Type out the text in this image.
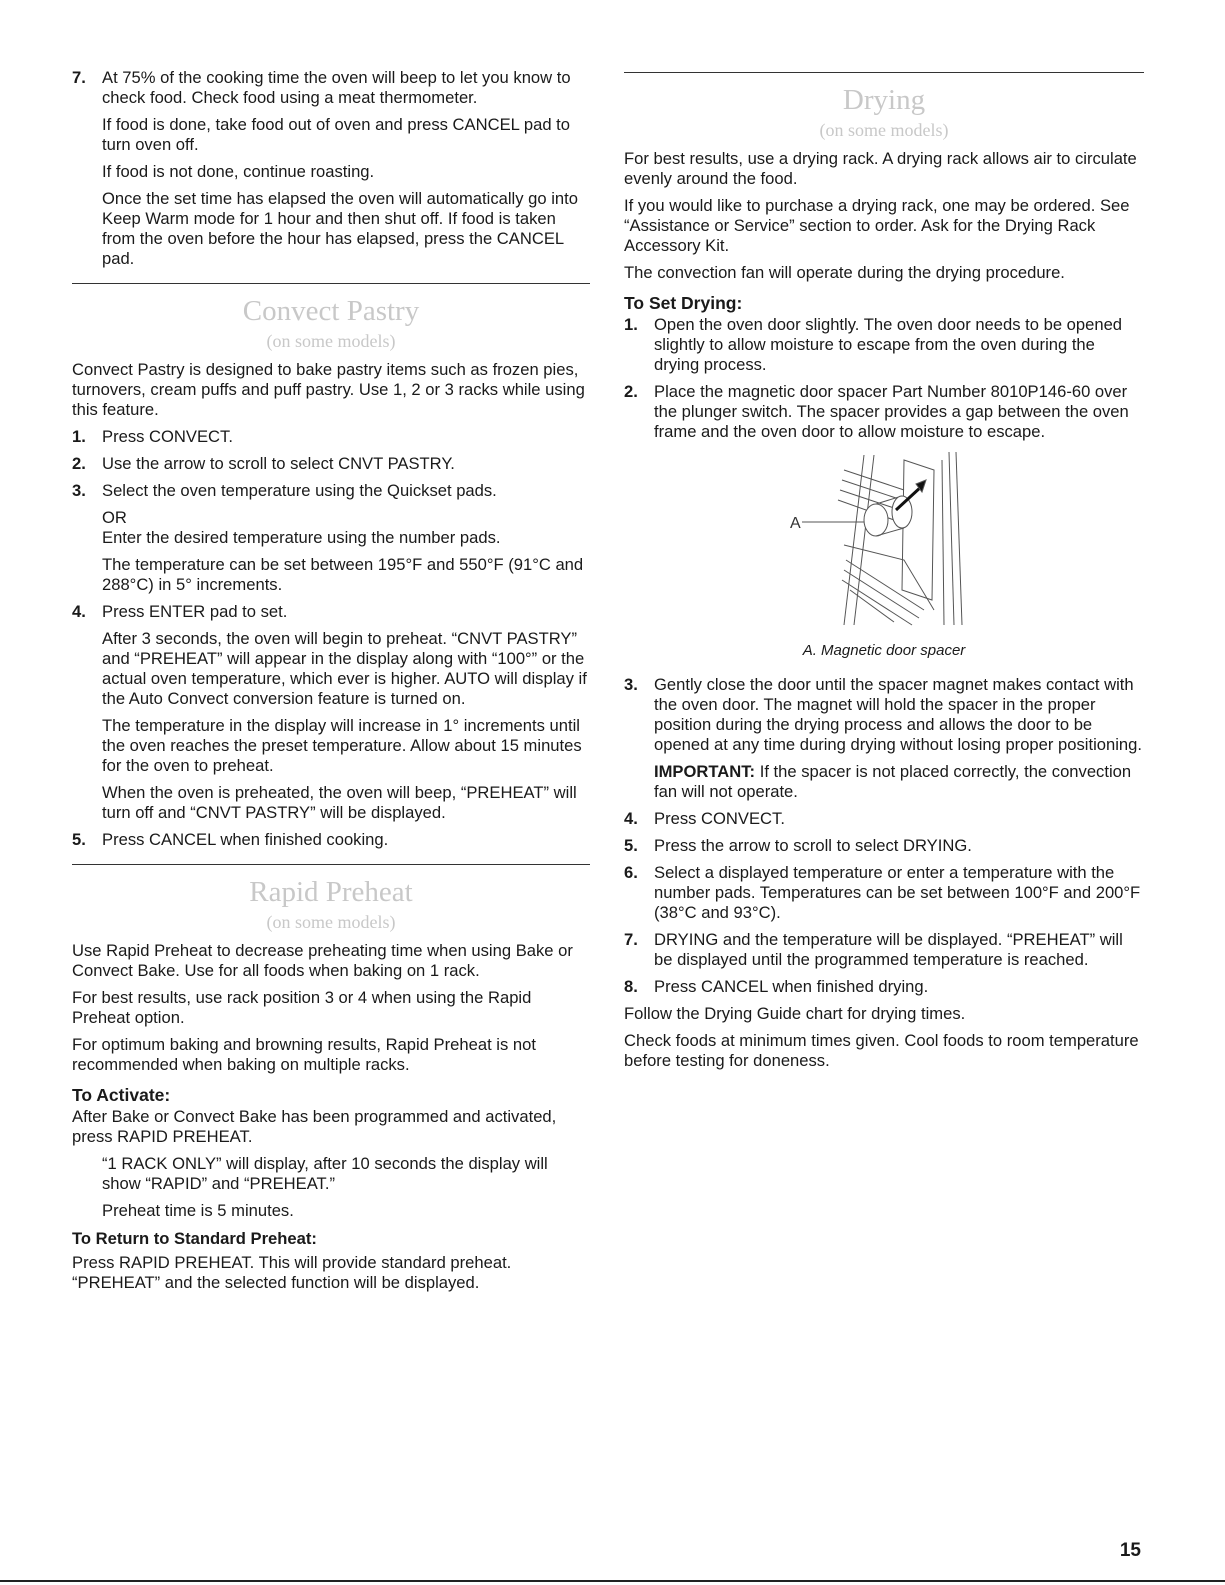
7. At 75% of the cooking time the oven will beep to let you know to check food. Check food using a meat thermometer.

If food is done, take food out of oven and press CANCEL pad to turn oven off.

If food is not done, continue roasting.

Once the set time has elapsed the oven will automatically go into Keep Warm mode for 1 hour and then shut off. If food is taken from the oven before the hour has elapsed, press the CANCEL pad.

Convect Pastry
(on some models)

Convect Pastry is designed to bake pastry items such as frozen pies, turnovers, cream puffs and puff pastry. Use 1, 2 or 3 racks while using this feature.

1. Press CONVECT.

2. Use the arrow to scroll to select CNVT PASTRY.

3. Select the oven temperature using the Quickset pads.

OR

Enter the desired temperature using the number pads.

The temperature can be set between 195°F and 550°F (91°C and 288°C) in 5° increments.

4. Press ENTER pad to set.

After 3 seconds, the oven will begin to preheat. “CNVT PASTRY” and “PREHEAT” will appear in the display along with “100°” or the actual oven temperature, which ever is higher. AUTO will display if the Auto Convect conversion feature is turned on.

The temperature in the display will increase in 1° increments until the oven reaches the preset temperature. Allow about 15 minutes for the oven to preheat.

When the oven is preheated, the oven will beep, “PREHEAT” will turn off and “CNVT PASTRY” will be displayed.

5. Press CANCEL when finished cooking.

Rapid Preheat
(on some models)

Use Rapid Preheat to decrease preheating time when using Bake or Convect Bake. Use for all foods when baking on 1 rack.

For best results, use rack position 3 or 4 when using the Rapid Preheat option.

For optimum baking and browning results, Rapid Preheat is not recommended when baking on multiple racks.

To Activate:

After Bake or Convect Bake has been programmed and activated, press RAPID PREHEAT.

“1 RACK ONLY” will display, after 10 seconds the display will show “RAPID” and “PREHEAT.”

Preheat time is 5 minutes.

To Return to Standard Preheat:

Press RAPID PREHEAT. This will provide standard preheat. “PREHEAT” and the selected function will be displayed.

Drying
(on some models)

For best results, use a drying rack. A drying rack allows air to circulate evenly around the food.

If you would like to purchase a drying rack, one may be ordered. See “Assistance or Service” section to order. Ask for the Drying Rack Accessory Kit.

The convection fan will operate during the drying procedure.

To Set Drying:
1. Open the oven door slightly. The oven door needs to be opened slightly to allow moisture to escape from the oven during the drying process.

2. Place the magnetic door spacer Part Number 8010P146-60 over the plunger switch. The spacer provides a gap between the oven frame and the oven door to allow moisture to escape.

A
A. Magnetic door spacer
3. Gently close the door until the spacer magnet makes contact with the oven door. The magnet will hold the spacer in the proper position during the drying process and allows the door to be opened at any time during drying without losing proper positioning.

IMPORTANT: If the spacer is not placed correctly, the convection fan will not operate.

4. Press CONVECT.

5. Press the arrow to scroll to select DRYING.

6. Select a displayed temperature or enter a temperature with the number pads. Temperatures can be set between 100°F and 200°F (38°C and 93°C).

7. DRYING and the temperature will be displayed. “PREHEAT” will be displayed until the programmed temperature is reached.

8. Press CANCEL when finished drying.

Follow the Drying Guide chart for drying times.

Check foods at minimum times given. Cool foods to room temperature before testing for doneness.

15
